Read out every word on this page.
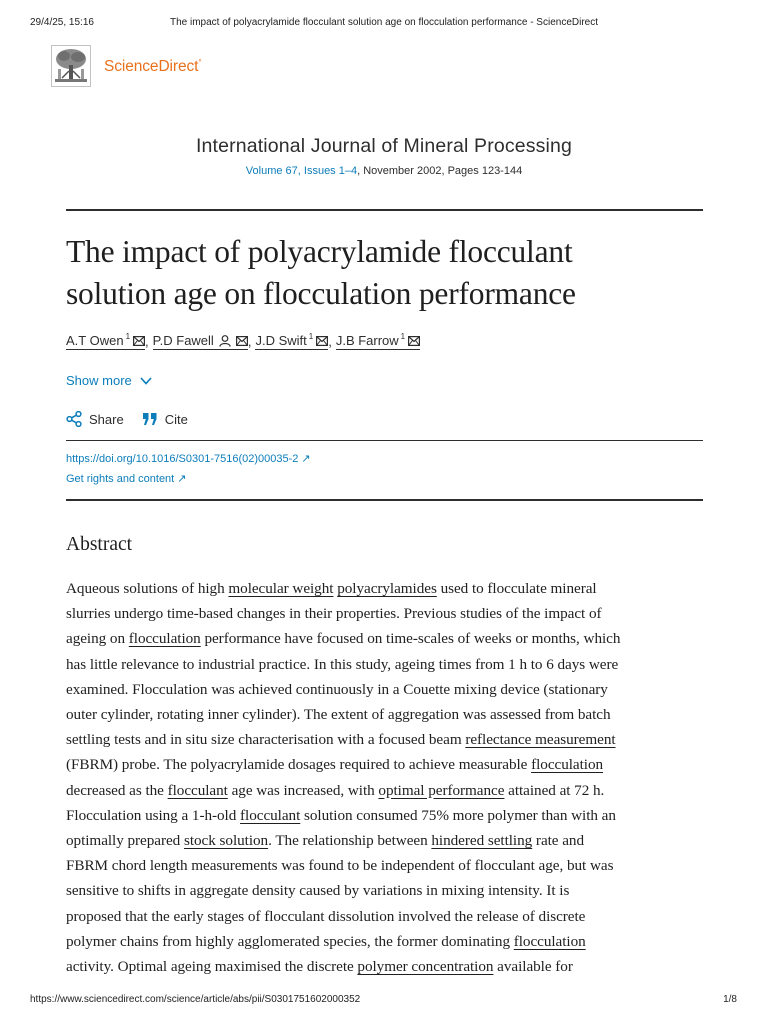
29/4/25, 15:16	The impact of polyacrylamide flocculant solution age on flocculation performance - ScienceDirect
ScienceDirect°
International Journal of Mineral Processing
Volume 67, Issues 1–4, November 2002, Pages 123-144
The impact of polyacrylamide flocculant
solution age on flocculation performance
A.T Owen $^1$ , P.D Fawell	, J.D Swift $^1$ , J.B Farrow $^1$
Show more
Share	Cite
https://doi.org/10.1016/S0301-7516(02)00035-2 ↗
Get rights and content ↗
Abstract
Aqueous solutions of high molecular weight polyacrylamides used to flocculate mineral
slurries undergo time-based changes in their properties. Previous studies of the impact of
ageing on flocculation performance have focused on time-scales of weeks or months, which
has little relevance to industrial practice. In this study, ageing times from 1 h to 6 days were
examined. Flocculation was achieved continuously in a Couette mixing device (stationary
outer cylinder, rotating inner cylinder). The extent of aggregation was assessed from batch
settling tests and in situ size characterisation with a focused beam reflectance measurement
(FBRM) probe. The polyacrylamide dosages required to achieve measurable flocculation
decreased as the flocculant age was increased, with optimal performance attained at 72 h.
Flocculation using a 1-h-old flocculant solution consumed 75% more polymer than with an
optimally prepared stock solution. The relationship between hindered settling rate and
FBRM chord length measurements was found to be independent of flocculant age, but was
sensitive to shifts in aggregate density caused by variations in mixing intensity. It is
proposed that the early stages of flocculant dissolution involved the release of discrete
polymer chains from highly agglomerated species, the former dominating flocculation
activity. Optimal ageing maximised the discrete polymer concentration available for
https://www.sciencedirect.com/science/article/abs/pii/S0301751602000352	1/8
